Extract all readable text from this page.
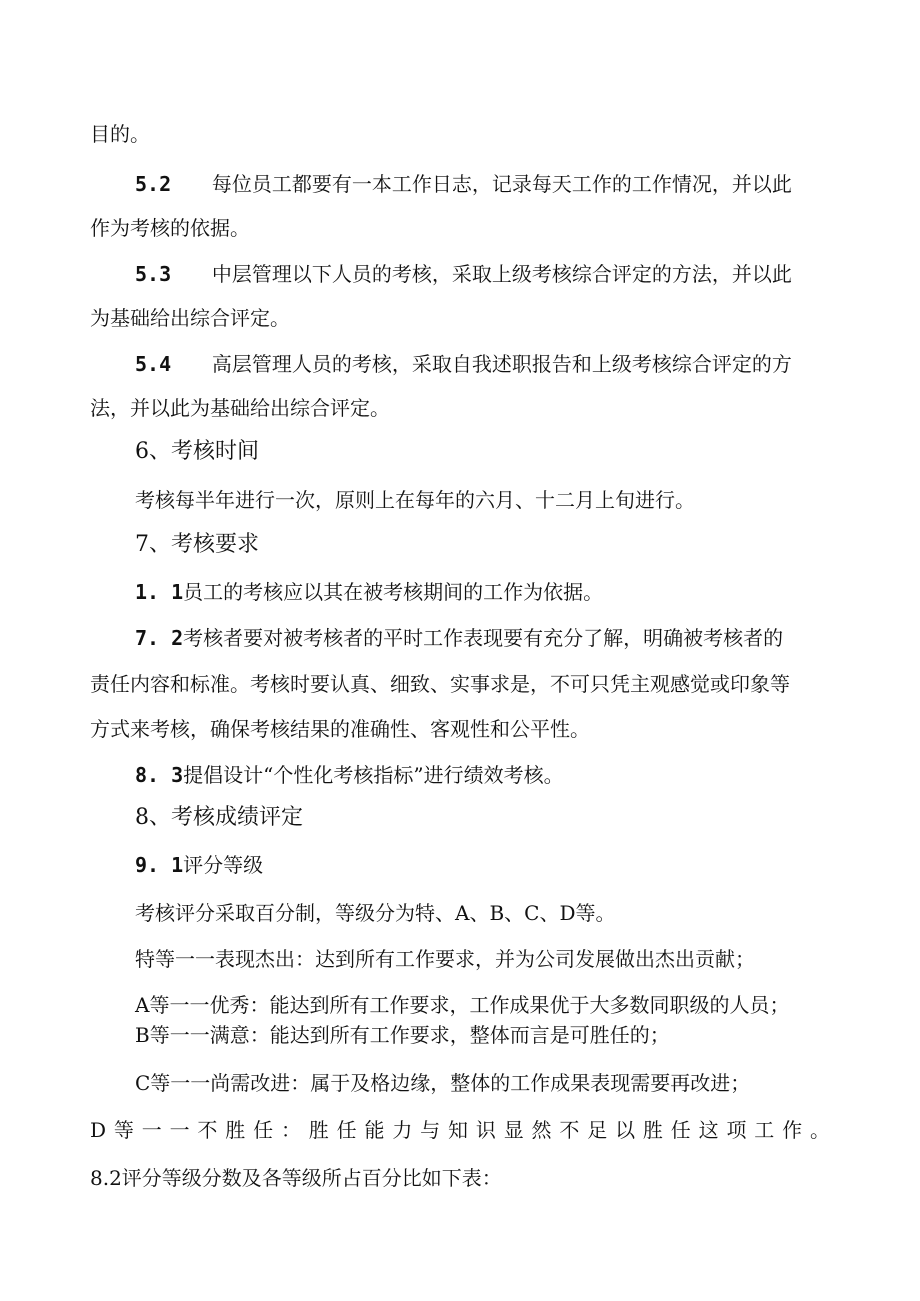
目的。
5.2 每位员工都要有一本工作日志，记录每天工作的工作情况，并以此
作为考核的依据。
5.3 中层管理以下人员的考核，采取上级考核综合评定的方法，并以此
为基础给出综合评定。
5.4 高层管理人员的考核，采取自我述职报告和上级考核综合评定的方
法，并以此为基础给出综合评定。
6、考核时间
考核每半年进行一次，原则上在每年的六月、十二月上旬进行。
7、考核要求
1. 1员工的考核应以其在被考核期间的工作为依据。
7. 2考核者要对被考核者的平时工作表现要有充分了解，明确被考核者的
责任内容和标准。考核时要认真、细致、实事求是，不可只凭主观感觉或印象等
方式来考核，确保考核结果的准确性、客观性和公平性。
8. 3提倡设计“个性化考核指标”进行绩效考核。
8、考核成绩评定
9. 1评分等级
考核评分采取百分制，等级分为特、A、B、C、D等。
特等一一表现杰出：达到所有工作要求，并为公司发展做出杰出贡献；
A等一一优秀：能达到所有工作要求，工作成果优于大多数同职级的人员；
B等一一满意：能达到所有工作要求，整体而言是可胜任的；
C等一一尚需改进：属于及格边缘，整体的工作成果表现需要再改进；
D等一一不胜任：胜任能力与知识显然不足以胜任这项工作。
8.2评分等级分数及各等级所占百分比如下表：
